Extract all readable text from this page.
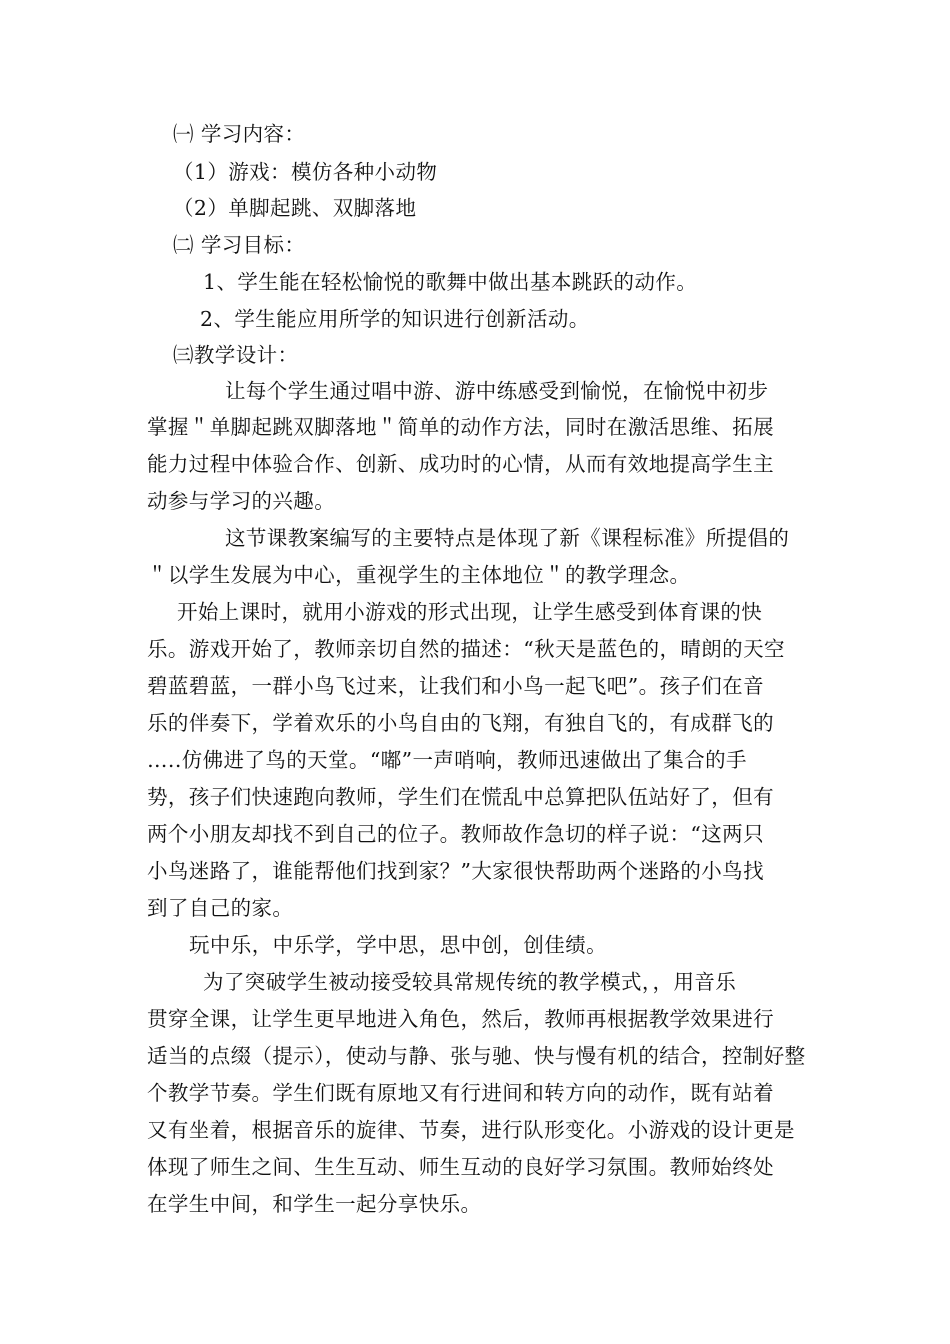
㈠ 学习内容：
（1）游戏：模仿各种小动物
（2）单脚起跳、双脚落地
㈡ 学习目标：
1、学生能在轻松愉悦的歌舞中做出基本跳跃的动作。
2、学生能应用所学的知识进行创新活动。
㈢教学设计：
让每个学生通过唱中游、游中练感受到愉悦，在愉悦中初步
掌握＂单脚起跳双脚落地＂简单的动作方法，同时在激活思维、拓展
能力过程中体验合作、创新、成功时的心情，从而有效地提高学生主
动参与学习的兴趣。
这节课教案编写的主要特点是体现了新《课程标准》所提倡的
＂以学生发展为中心，重视学生的主体地位＂的教学理念。
开始上课时，就用小游戏的形式出现，让学生感受到体育课的快
乐。游戏开始了，教师亲切自然的描述：“秋天是蓝色的，晴朗的天空
碧蓝碧蓝，一群小鸟飞过来，让我们和小鸟一起飞吧”。孩子们在音
乐的伴奏下，学着欢乐的小鸟自由的飞翔，有独自飞的，有成群飞的
…..仿佛进了鸟的天堂。“嘟”一声哨响，教师迅速做出了集合的手
势，孩子们快速跑向教师，学生们在慌乱中总算把队伍站好了，但有
两个小朋友却找不到自己的位子。教师故作急切的样子说：“这两只
小鸟迷路了，谁能帮他们找到家？”大家很快帮助两个迷路的小鸟找
到了自己的家。
玩中乐，中乐学，学中思，思中创，创佳绩。
为了突破学生被动接受较具常规传统的教学模式，，用音乐
贯穿全课，让学生更早地进入角色，然后，教师再根据教学效果进行
适当的点缀（提示），使动与静、张与驰、快与慢有机的结合，控制好整
个教学节奏。学生们既有原地又有行进间和转方向的动作，既有站着
又有坐着，根据音乐的旋律、节奏，进行队形变化。小游戏的设计更是
体现了师生之间、生生互动、师生互动的良好学习氛围。教师始终处
在学生中间，和学生一起分享快乐。
